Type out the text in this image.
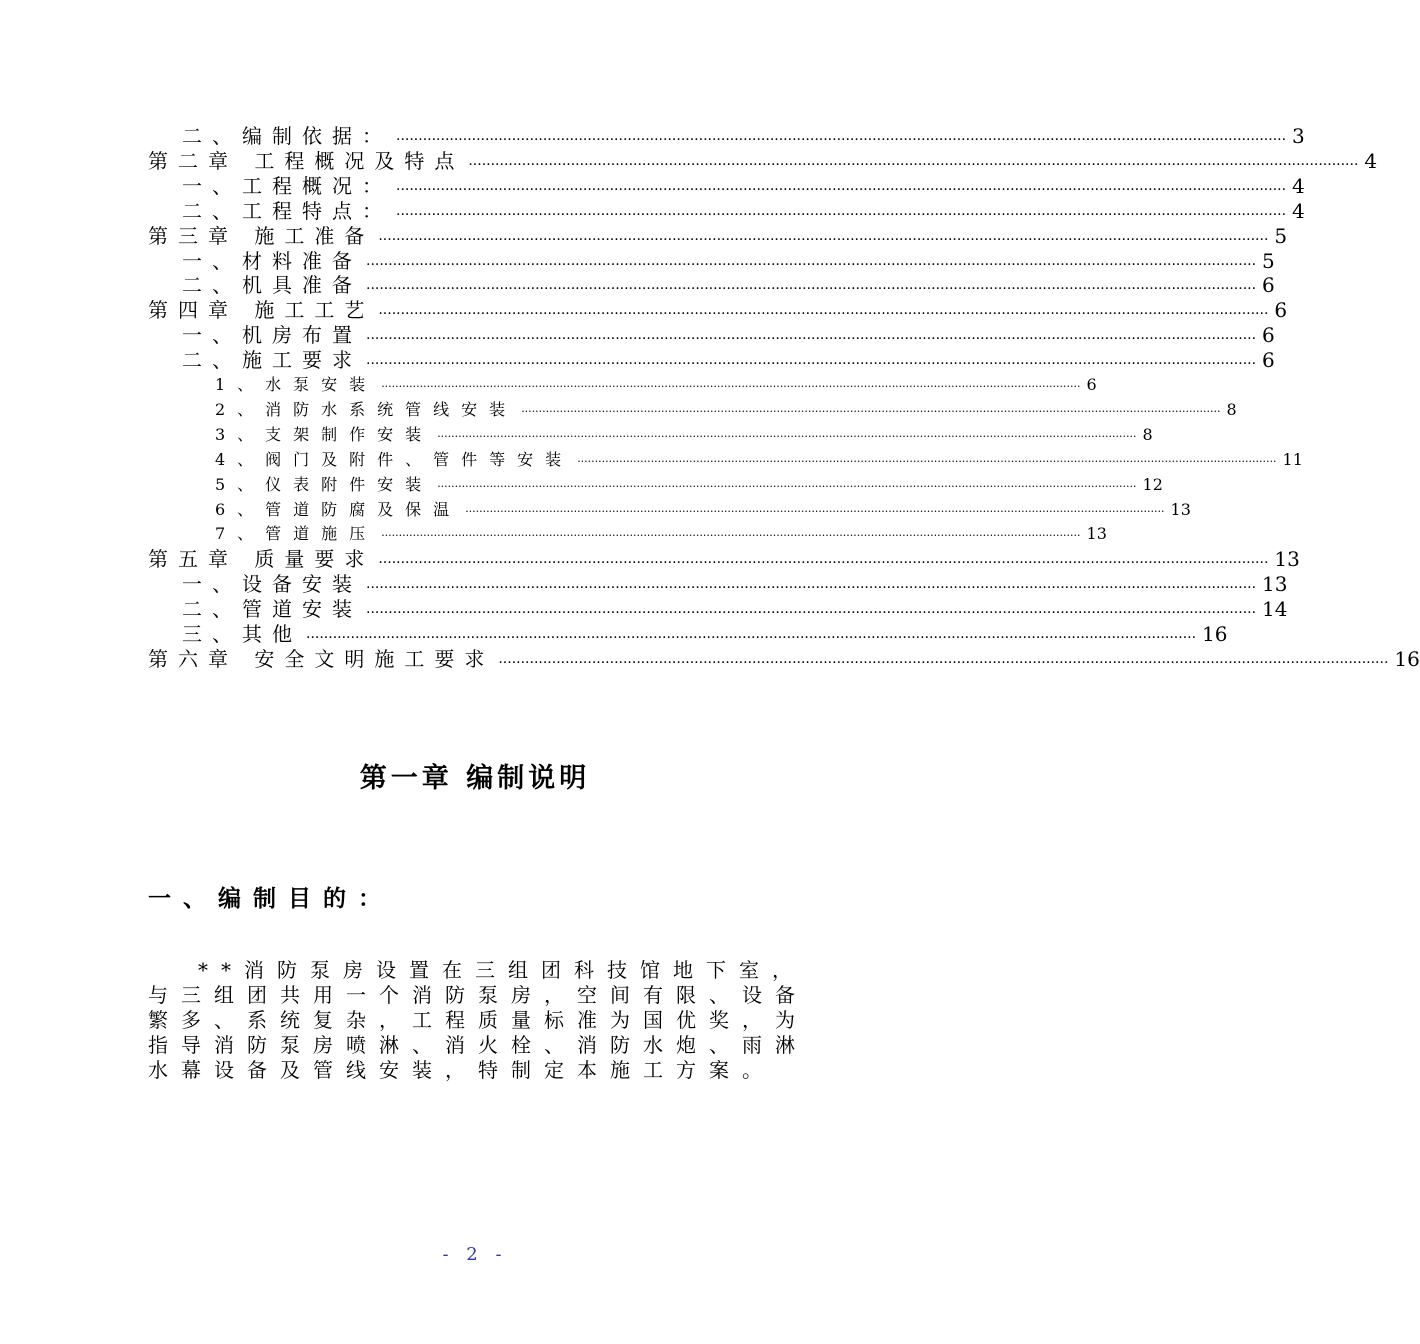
二、编制依据： ........................................................................................................................................................................................................ 3
第二章 工程概况及特点 ........................................................................................................................................................................................................ 4
一、工程概况： ........................................................................................................................................................................................................ 4
二、工程特点： ........................................................................................................................................................................................................ 4
第三章 施工准备 ........................................................................................................................................................................................................ 5
一、材料准备 ........................................................................................................................................................................................................ 5
二、机具准备 ........................................................................................................................................................................................................ 6
第四章 施工工艺 ........................................................................................................................................................................................................ 6
一、机房布置 ........................................................................................................................................................................................................ 6
二、施工要求 ........................................................................................................................................................................................................ 6
1、水泵安装 ........................................................................................................................................................................................................ 6
2、消防水系统管线安装 ........................................................................................................................................................................................................ 8
3、支架制作安装 ........................................................................................................................................................................................................ 8
4、阀门及附件、管件等安装 ........................................................................................................................................................................................................ 11
5、仪表附件安装 ........................................................................................................................................................................................................ 12
6、管道防腐及保温 ........................................................................................................................................................................................................ 13
7、管道施压 ........................................................................................................................................................................................................ 13
第五章 质量要求 ........................................................................................................................................................................................................ 13
一、设备安装 ........................................................................................................................................................................................................ 13
二、管道安装 ........................................................................................................................................................................................................ 14
三、其他 ........................................................................................................................................................................................................ 16
第六章 安全文明施工要求 ........................................................................................................................................................................................................ 16
第一章 编制说明
一、编制目的：
**消防泵房设置在三组团科技馆地下室，与三组团共用一个消防泵房，空间有限、设备繁多、系统复杂，工程质量标准为国优奖，为指导消防泵房喷淋、消火栓、消防水炮、雨淋水幕设备及管线安装，特制定本施工方案。
- 2 -
